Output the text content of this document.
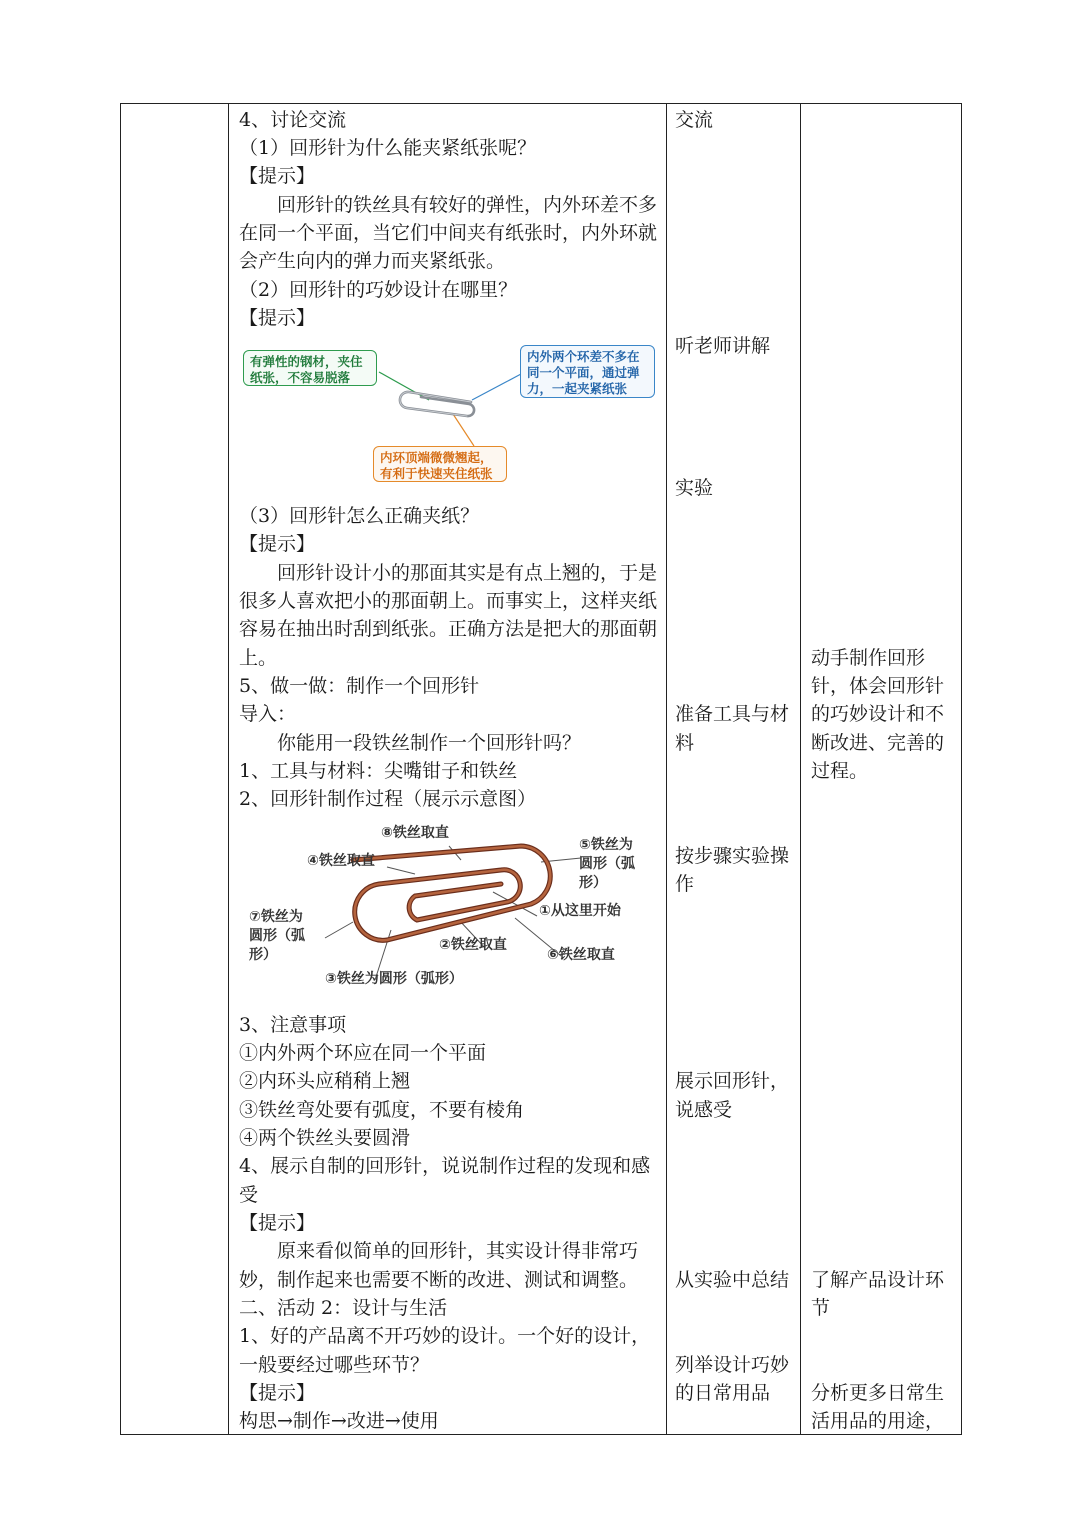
4、讨论交流
（1）回形针为什么能夹紧纸张呢？
【提示】
回形针的铁丝具有较好的弹性，内外环差不多
在同一个平面，当它们中间夹有纸张时，内外环就
会产生向内的弹力而夹紧纸张。
（2）回形针的巧妙设计在哪里？
【提示】
有弹性的钢材，夹住
纸张，不容易脱落
内外两个环差不多在
同一个平面，通过弹
力，一起夹紧纸张
内环顶端微微翘起，
有利于快速夹住纸张
（3）回形针怎么正确夹纸？
【提示】
回形针设计小的那面其实是有点上翘的，于是
很多人喜欢把小的那面朝上。而事实上，这样夹纸
容易在抽出时刮到纸张。正确方法是把大的那面朝
上。
5、做一做：制作一个回形针
导入：
你能用一段铁丝制作一个回形针吗？
1、工具与材料：尖嘴钳子和铁丝
2、回形针制作过程（展示示意图）
⑧铁丝取直
④铁丝取直
⑤铁丝为
圆形（弧
形）
①从这里开始
⑦铁丝为
圆形（弧
形）
②铁丝取直
⑥铁丝取直
③铁丝为圆形（弧形）
3、注意事项
①内外两个环应在同一个平面
②内环头应稍稍上翘
③铁丝弯处要有弧度，不要有棱角
④两个铁丝头要圆滑
4、展示自制的回形针，说说制作过程的发现和感
受
【提示】
原来看似简单的回形针，其实设计得非常巧
妙，制作起来也需要不断的改进、测试和调整。
二、活动 2：设计与生活
1、好的产品离不开巧妙的设计。一个好的设计，
一般要经过哪些环节？
【提示】
构思→制作→改进→使用
交流
听老师讲解
实验
准备工具与材
料
按步骤实验操
作
展示回形针，
说感受
从实验中总结
列举设计巧妙
的日常用品
动手制作回形
针，体会回形针
的巧妙设计和不
断改进、完善的
过程。
了解产品设计环
节
分析更多日常生
活用品的用途，
